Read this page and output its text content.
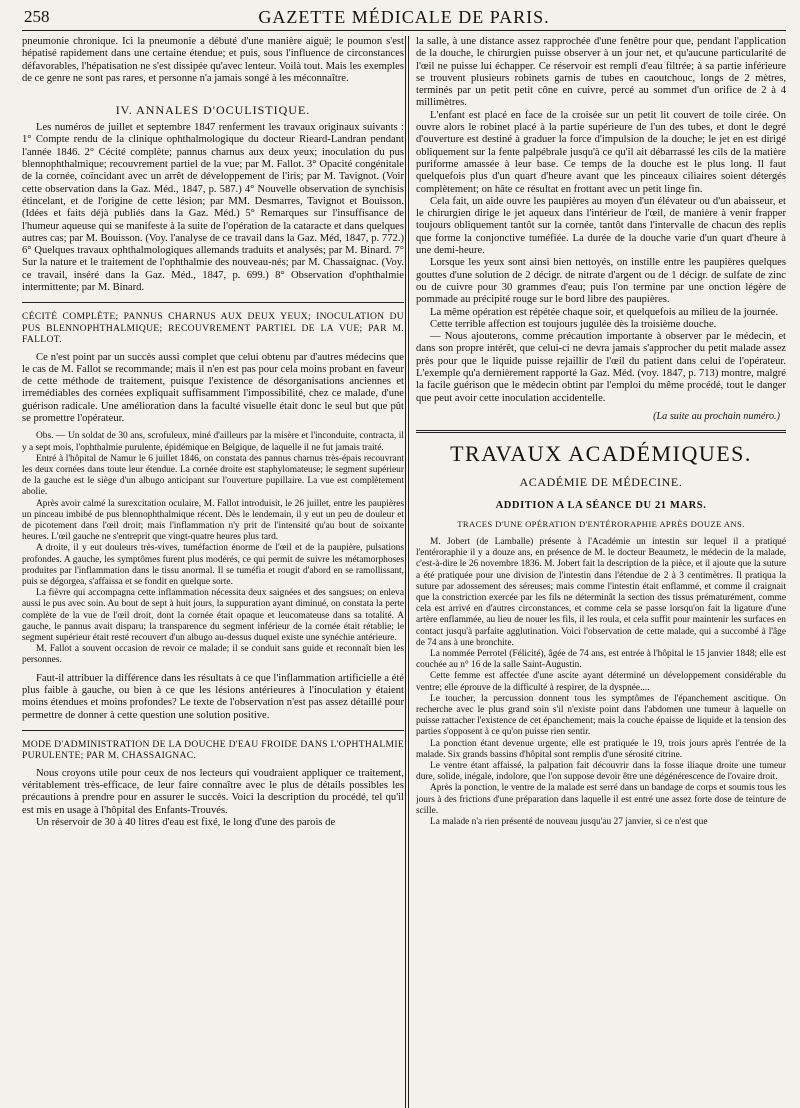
258	GAZETTE MÉDICALE DE PARIS.

pneumonie chronique. Ici la pneumonie a débuté d'une manière aiguë; le poumon s'est hépatisé rapidement dans une certaine étendue; et puis, sous l'influence de circonstances défavorables, l'hépatisation ne s'est dissipée qu'avec lenteur. Voilà tout. Mais les exemples de ce genre ne sont pas rares, et personne n'a jamais songé à les méconnaître.

IV. ANNALES D'OCULISTIQUE.

Les numéros de juillet et septembre 1847 renferment les travaux originaux suivants : 1° Compte rendu de la clinique ophthalmologique du docteur Rieard-Landran pendant l'année 1846. 2° Cécité complète; pannus charnus aux deux yeux; inoculation du pus blennophthalmique; recouvrement partiel de la vue; par M. Fallot. 3° Opacité congénitale de la cornée, coïncidant avec un arrêt de développement de l'iris; par M. Tavignot. (Voir cette observation dans la Gaz. Méd., 1847, p. 587.) 4° Nouvelle observation de synchisis étincelant, et de l'origine de cette lésion; par MM. Desmarres, Tavignot et Bouisson. (Idées et faits déjà publiés dans la Gaz. Méd.) 5° Remarques sur l'insuffisance de l'humeur aqueuse qui se manifeste à la suite de l'opération de la cataracte et dans quelques autres cas; par M. Bouisson. (Voy. l'analyse de ce travail dans la Gaz. Méd, 1847, p. 772.) 6° Quelques travaux ophthalmologiques allemands traduits et analysés; par M. Binard. 7° Sur la nature et le traitement de l'ophthalmie des nouveau-nés; par M. Chassaignac. (Voy. ce travail, inséré dans la Gaz. Méd., 1847, p. 699.) 8° Observation d'ophthalmie intermittente; par M. Binard.

CÉCITÉ COMPLÈTE; PANNUS CHARNUS AUX DEUX YEUX; INOCULATION DU PUS BLENNOPHTHALMIQUE; RECOUVREMENT PARTIEL DE LA VUE; PAR M. FALLOT.

Ce n'est point par un succès aussi complet que celui obtenu par d'autres médecins que le cas de M. Fallot se recommande; mais il n'en est pas pour cela moins probant en faveur de cette méthode de traitement, puisque l'existence de désorganisations anciennes et irremédiables des cornées expliquait suffisamment l'impossibilité, chez ce malade, d'une guérison radicale. Une amélioration dans la faculté visuelle était donc le seul but que pût se promettre l'opérateur.

Obs. — Un soldat de 30 ans, scrofuleux, miné d'ailleurs par la misère et l'inconduite, contracta, il y a sept mois, l'ophthalmie purulente, épidémique en Belgique, de laquelle il ne fut jamais traité.

Entré à l'hôpital de Namur le 6 juillet 1846, on constata des pannus charnus très-épais recouvrant les deux cornées dans toute leur étendue. La cornée droite est staphylomateuse; le segment supérieur de la gauche est le siège d'un albugo anticipant sur l'ouverture pupillaire. La vue est complètement abolie.

Après avoir calmé la surexcitation oculaire, M. Fallot introduisit, le 26 juillet, entre les paupières un pinceau imbibé de pus blennophthalmique récent. Dès le lendemain, il y eut un peu de douleur et de picotement dans l'œil droit; mais l'inflammation n'y prit de l'intensité qu'au bout de soixante heures. L'œil gauche ne s'entreprit que vingt-quatre heures plus tard.

A droite, il y eut douleurs très-vives, tuméfaction énorme de l'œil et de la paupière, pulsations profondes. A gauche, les symptômes furent plus modérés, ce qui permit de suivre les métamorphoses produites par l'inflammation dans le tissu anormal. Il se tuméfia et rougit d'abord en se ramollissant, puis se dégorgea, s'affaissa et se fondit en quelque sorte.

La fièvre qui accompagna cette inflammation nécessita deux saignées et des sangsues; on enleva aussi le pus avec soin. Au bout de sept à huit jours, la suppuration ayant diminué, on constata la perte complète de la vue de l'œil droit, dont la cornée était opaque et leucomateuse dans sa totalité. A gauche, le pannus avait disparu; la transparence du segment inférieur de la cornée était rétablie; le segment supérieur était resté recouvert d'un albugo au-dessus duquel existe une synéchie antérieure.

M. Fallot a souvent occasion de revoir ce malade; il se conduit sans guide et reconnaît bien les personnes.

Faut-il attribuer la différence dans les résultats à ce que l'inflammation artificielle a été plus faible à gauche, ou bien à ce que les lésions antérieures à l'inoculation y étaient moins étendues et moins profondes? Le texte de l'observation n'est pas assez détaillé pour permettre de donner à cette question une solution positive.

MODE D'ADMINISTRATION DE LA DOUCHE D'EAU FROIDE DANS L'OPHTHALMIE PURULENTE; PAR M. CHASSAIGNAC.

Nous croyons utile pour ceux de nos lecteurs qui voudraient appliquer ce traitement, véritablement très-efficace, de leur faire connaître avec le plus de détails possibles les précautions à prendre pour en assurer le succès. Voici la description du procédé, tel qu'il est mis en usage à l'hôpital des Enfants-Trouvés.

Un réservoir de 30 à 40 litres d'eau est fixé, le long d'une des parois de

la salle, à une distance assez rapprochée d'une fenêtre pour que, pendant l'application de la douche, le chirurgien puisse observer à un jour net, et qu'aucune particularité de l'œil ne puisse lui échapper. Ce réservoir est rempli d'eau filtrée; à sa partie inférieure se trouvent plusieurs robinets garnis de tubes en caoutchouc, longs de 2 mètres, terminés par un petit petit cône en cuivre, percé au sommet d'un orifice de 2 à 4 millimètres.

L'enfant est placé en face de la croisée sur un petit lit couvert de toile cirée. On ouvre alors le robinet placé à la partie supérieure de l'un des tubes, et dont le degré d'ouverture est destiné à graduer la force d'impulsion de la douche; le jet en est dirigé obliquement sur la fente palpébrale jusqu'à ce qu'il ait débarrassé les cils de la matière puriforme amassée à leur base. Ce temps de la douche est le plus long. Il faut quelquefois plus d'un quart d'heure avant que les pinceaux ciliaires soient détergés complètement; on hâte ce résultat en frottant avec un petit linge fin.

Cela fait, un aide ouvre les paupières au moyen d'un élévateur ou d'un abaisseur, et le chirurgien dirige le jet aqueux dans l'intérieur de l'œil, de manière à venir frapper toujours obliquement tantôt sur la cornée, tantôt dans l'intervalle de chacun des replis que forme la conjonctive tuméfiée. La durée de la douche varie d'un quart d'heure à une demi-heure.

Lorsque les yeux sont ainsi bien nettoyés, on instille entre les paupières quelques gouttes d'une solution de 2 décigr. de nitrate d'argent ou de 1 décigr. de sulfate de zinc ou de cuivre pour 30 grammes d'eau; puis l'on termine par une onction légère de pommade au précipité rouge sur le bord libre des paupières.

La même opération est répétée chaque soir, et quelquefois au milieu de la journée.

Cette terrible affection est toujours jugulée dès la troisième douche.

— Nous ajouterons, comme précaution importante à observer par le médecin, et dans son propre intérêt, que celui-ci ne devra jamais s'approcher du petit malade assez près pour que le liquide puisse rejaillir de l'œil du patient dans celui de l'opérateur. L'exemple qu'a dernièrement rapporté la Gaz. Méd. (voy. 1847, p. 713) montre, malgré la facile guérison que le médecin obtint par l'emploi du même procédé, tout le danger que peut avoir cette inoculation accidentelle.

(La suite au prochain numéro.)
TRAVAUX ACADÉMIQUES.
ACADÉMIE DE MÉDECINE.
ADDITION A LA SÉANCE DU 21 MARS.
TRACES D'UNE OPÉRATION D'ENTÉRORAPHIE APRÈS DOUZE ANS.

M. Jobert (de Lamballe) présente à l'Académie un intestin sur lequel il a pratiqué l'entéroraphie il y a douze ans, en présence de M. le docteur Beaumetz, le médecin de la malade, c'est-à-dire le 26 novembre 1836. M. Jobert fait la description de la pièce, et il ajoute que la suture a été pratiquée pour une division de l'intestin dans l'étendue de 2 à 3 centimètres. Il pratiqua la suture par adossement des séreuses; mais comme l'intestin était enflammé, et comme il craignait que la constriction exercée par les fils ne déterminât la section des tissus prématurément, comme cela est arrivé en d'autres circonstances, et comme cela se passe lorsqu'on fait la ligature d'une artère enflammée, au lieu de nouer les fils, il les roula, et cela suffit pour maintenir les surfaces en contact jusqu'à parfaite agglutination. Voici l'observation de cette malade, qui a succombé à l'âge de 74 ans à une bronchite.

La nommée Perrotel (Félicité), âgée de 74 ans, est entrée à l'hôpital le 15 janvier 1848; elle est couchée au n° 16 de la salle Saint-Augustin.

Cette femme est affectée d'une ascite ayant déterminé un développement considérable du ventre; elle éprouve de la difficulté à respirer, de la dyspnée....

Le toucher, la percussion donnent tous les symptômes de l'épanchement ascitique. On recherche avec le plus grand soin s'il n'existe point dans l'abdomen une tumeur à laquelle on puisse rattacher l'existence de cet épanchement; mais la couche épaisse de liquide et la tension des parties s'opposent à ce qu'on puisse rien sentir.

La ponction étant devenue urgente, elle est pratiquée le 19, trois jours après l'entrée de la malade. Six grands bassins d'hôpital sont remplis d'une sérosité citrine.

Le ventre étant affaissé, la palpation fait découvrir dans la fosse iliaque droite une tumeur dure, solide, inégale, indolore, que l'on suppose devoir être une dégénérescence de l'ovaire droit.

Après la ponction, le ventre de la malade est serré dans un bandage de corps et soumis tous les jours à des frictions d'une préparation dans laquelle il est entré une assez forte dose de teinture de scille.

La malade n'a rien présenté de nouveau jusqu'au 27 janvier, si ce n'est que
